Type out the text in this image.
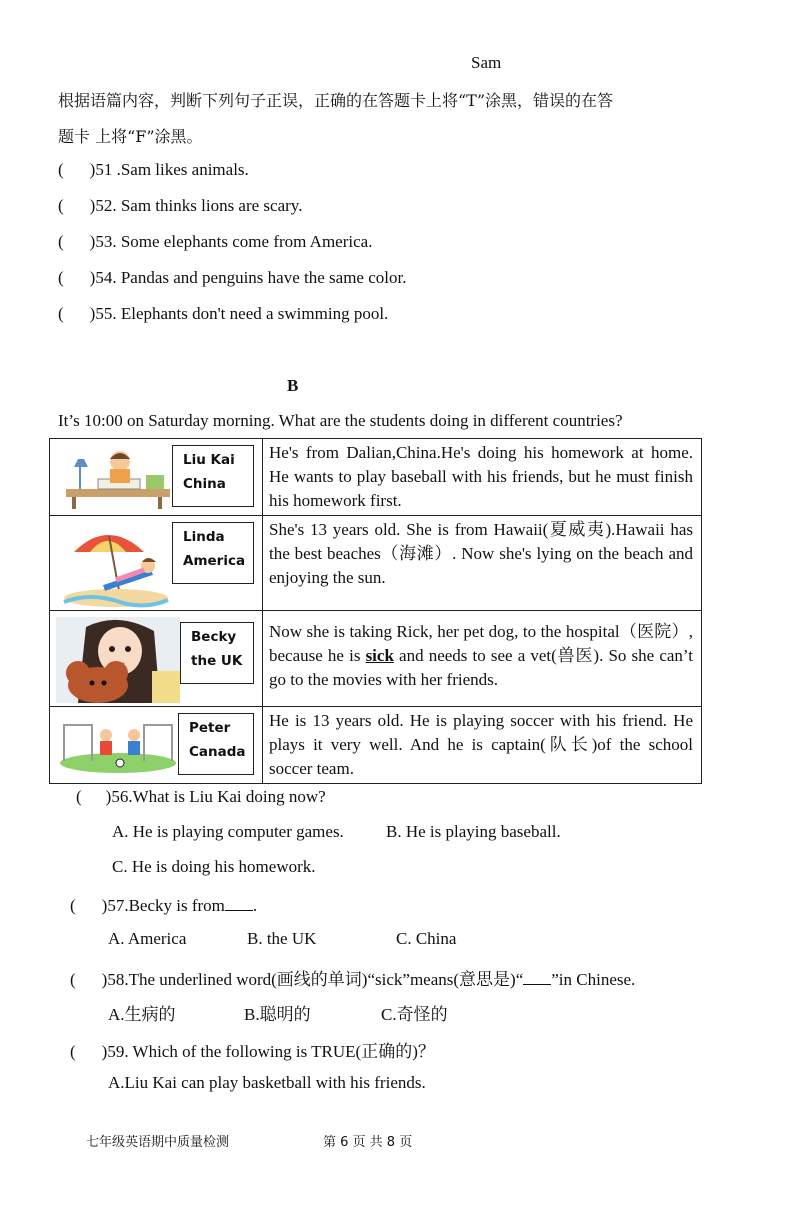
Sam
根据语篇内容，判断下列句子正误，正确的在答题卡上将“T”涂黑，错误的在答
题卡 上将“F”涂黑。
( )51 .Sam likes animals.
( )52. Sam thinks lions are scary.
( )53. Some elephants come from America.
( )54. Pandas and penguins have the same color.
( )55. Elephants don't need a swimming pool.
B
It’s 10:00 on Saturday morning. What are the students doing in different countries?
Liu Kai
China	He's from Dalian,China.He's doing his homework at home. He wants to play baseball with his friends, but he must finish his homework first.

Linda
America	She's 13 years old. She is from Hawaii(夏威夷).Hawaii has the best beaches（海滩）. Now she's lying on the beach and enjoying the sun.

Becky
the UK	Now she is taking Rick, her pet dog, to the hospital（医院）, because he is sick and needs to see a vet(兽医). So she can’t go to the movies with her friends.

Peter
Canada	He is 13 years old. He is playing soccer with his friend. He plays it very well. And he is captain(队长)of the school soccer team.
( )56.What is Liu Kai doing now?
A. He is playing computer games. B. He is playing baseball.
C. He is doing his homework.
( )57.Becky is from .
A. America	B. the UK	C. China
( )58.The underlined word(画线的单词)“sick”means(意思是)“ ”in Chinese.
A.生病的	B.聪明的	C.奇怪的
( )59. Which of the following is TRUE(正确的)？
A.Liu Kai can play basketball with his friends.
七年级英语期中质量检测	第 6 页 共 8 页
